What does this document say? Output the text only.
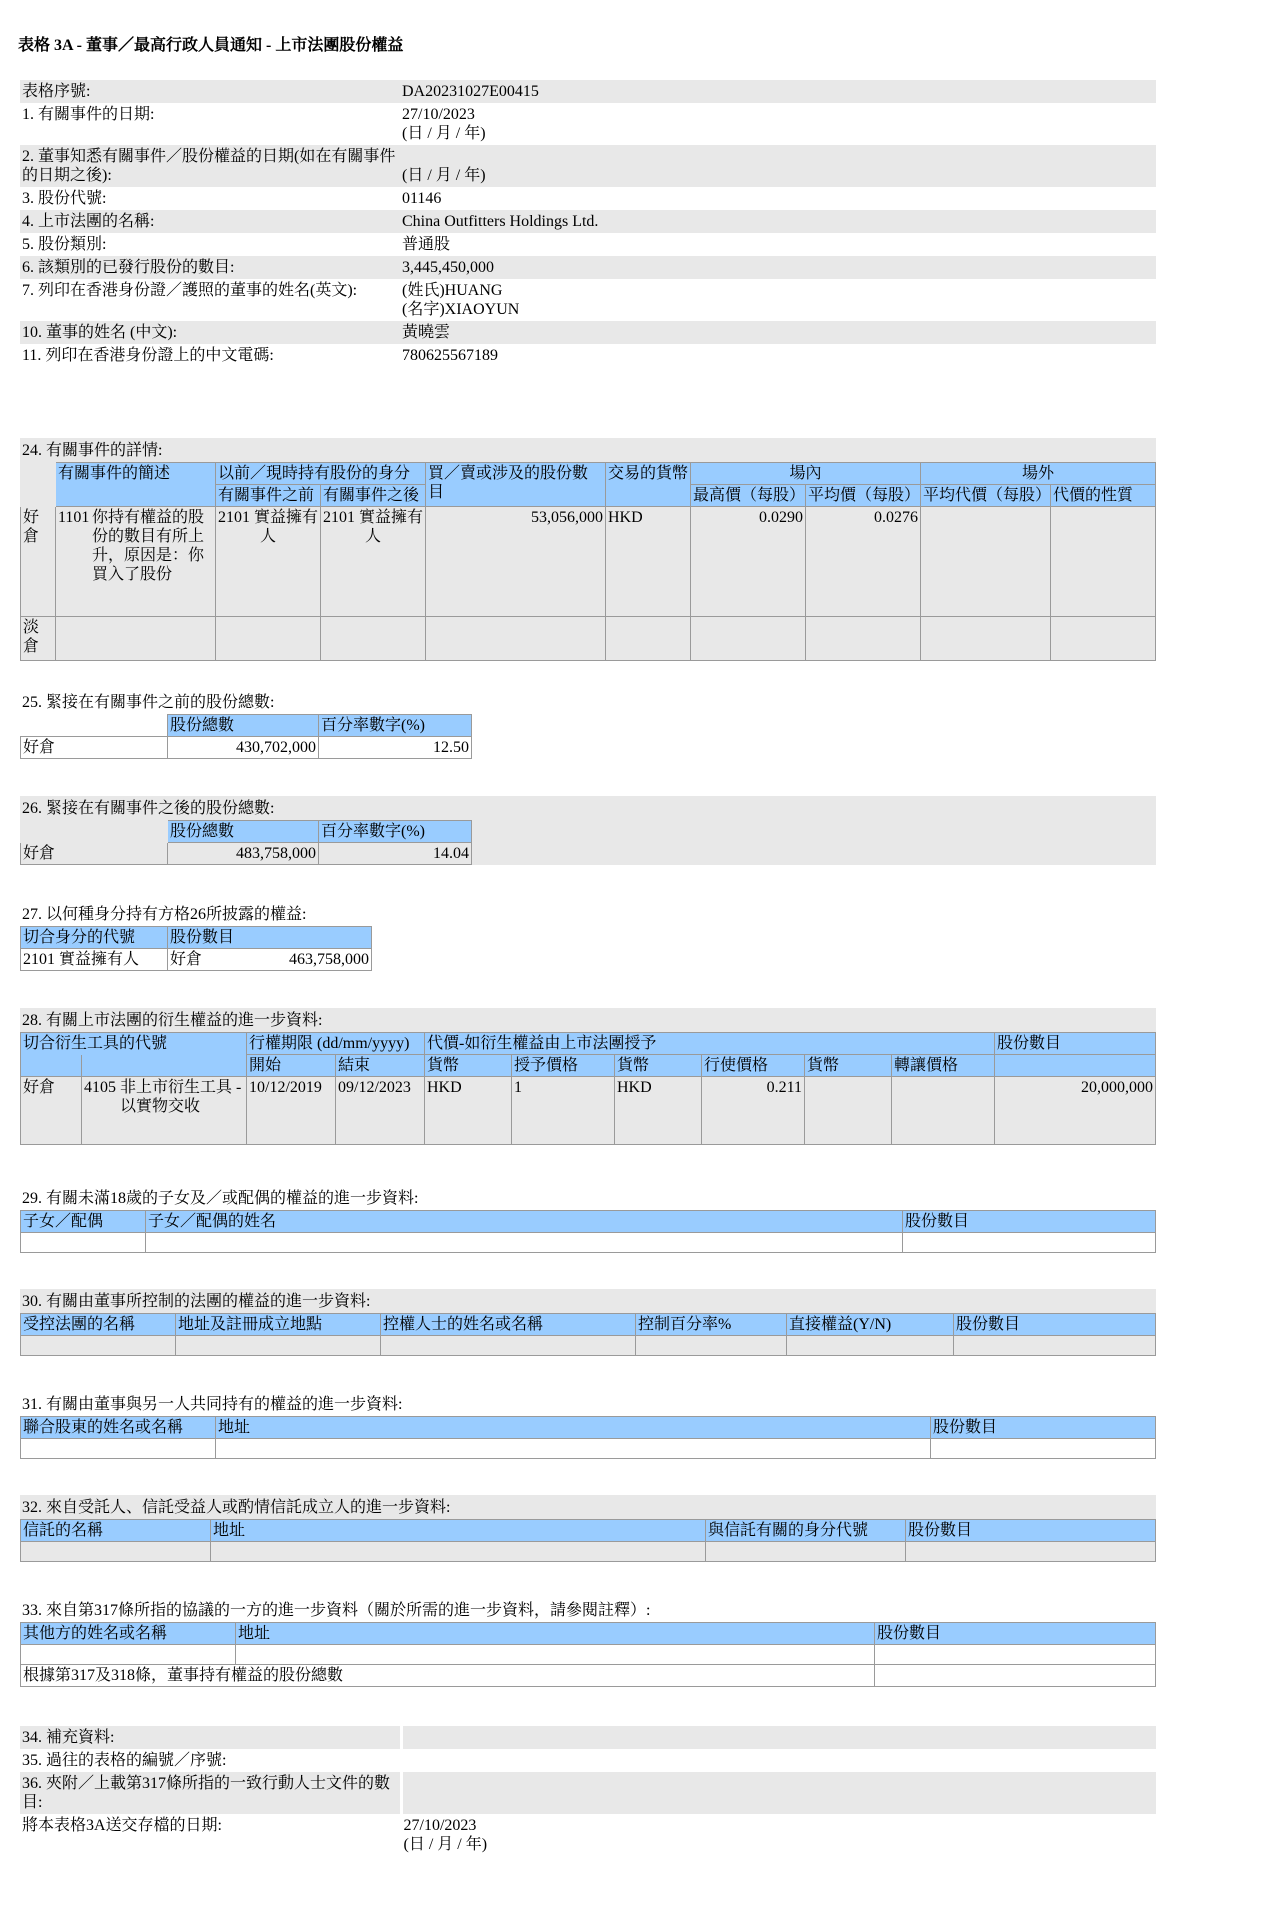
表格 3A - 董事／最高行政人員通知 - 上市法團股份權益
表格序號:	DA20231027E00415
1. 有關事件的日期:	27/10/2023
(日 / 月 / 年)

2. 董事知悉有關事件／股份權益的日期(如在有關事件的日期之後):	(日 / 月 / 年)

3. 股份代號:	01146
4. 上市法團的名稱:	China Outfitters Holdings Ltd.
5. 股份類別:	普通股
6. 該類別的已發行股份的數目:	3,445,450,000
7. 列印在香港身份證／護照的董事的姓名(英文):	(姓氏)HUANG
(名字)XIAOYUN

10. 董事的姓名 (中文):	黃曉雲
11. 列印在香港身份證上的中文電碼:	780625567189
24. 有關事件的詳情:
	有關事件的簡述	以前／現時持有股份的身分		買／賣或涉及的股份數目	交易的貨幣	場內		場外	
		有關事件之前	有關事件之後			最高價（每股）	平均價（每股）	平均代價（每股）	代價的性質
好倉	1101 你持有權益的股份的數目有所上升，原因是：你買入了股份	2101 實益擁有人	2101 實益擁有人	53,056,000	HKD	0.0290	0.0276		
淡倉									
25. 緊接在有關事件之前的股份總數:
	股份總數	百分率數字(%)
好倉	430,702,000	12.50
26. 緊接在有關事件之後的股份總數:
	股份總數	百分率數字(%)
好倉	483,758,000	14.04
27. 以何種身分持有方格26所披露的權益:
切合身分的代號	股份數目
2101 實益擁有人	好倉 463,758,000
28. 有關上市法團的衍生權益的進一步資料:
切合衍生工具的代號		行權期限 (dd/mm/yyyy)		代價-如衍生權益由上市法團授予						股份數目
		開始	結束	貨幣	授予價格	貨幣	行使價格	貨幣	轉讓價格	
好倉	4105 非上市衍生工具 - 以實物交收	10/12/2019	09/12/2023	HKD	1	HKD	0.211			20,000,000
29. 有關未滿18歲的子女及／或配偶的權益的進一步資料:
子女／配偶	子女／配偶的姓名	股份數目

30. 有關由董事所控制的法團的權益的進一步資料:
受控法團的名稱	地址及註冊成立地點	控權人士的姓名或名稱	控制百分率%	直接權益(Y/N)	股份數目

31. 有關由董事與另一人共同持有的權益的進一步資料:
聯合股東的姓名或名稱	地址	股份數目

32. 來自受託人、信託受益人或酌情信託成立人的進一步資料:
信託的名稱	地址	與信託有關的身分代號	股份數目

33. 來自第317條所指的協議的一方的進一步資料（關於所需的進一步資料，請參閱註釋）:
其他方的姓名或名稱	地址	股份數目

根據第317及318條，董事持有權益的股份總數		
34. 補充資料:	
35. 過往的表格的編號／序號:	
36. 夾附／上載第317條所指的一致行動人士文件的數目:	
將本表格3A送交存檔的日期:	27/10/2023
(日 / 月 / 年)
